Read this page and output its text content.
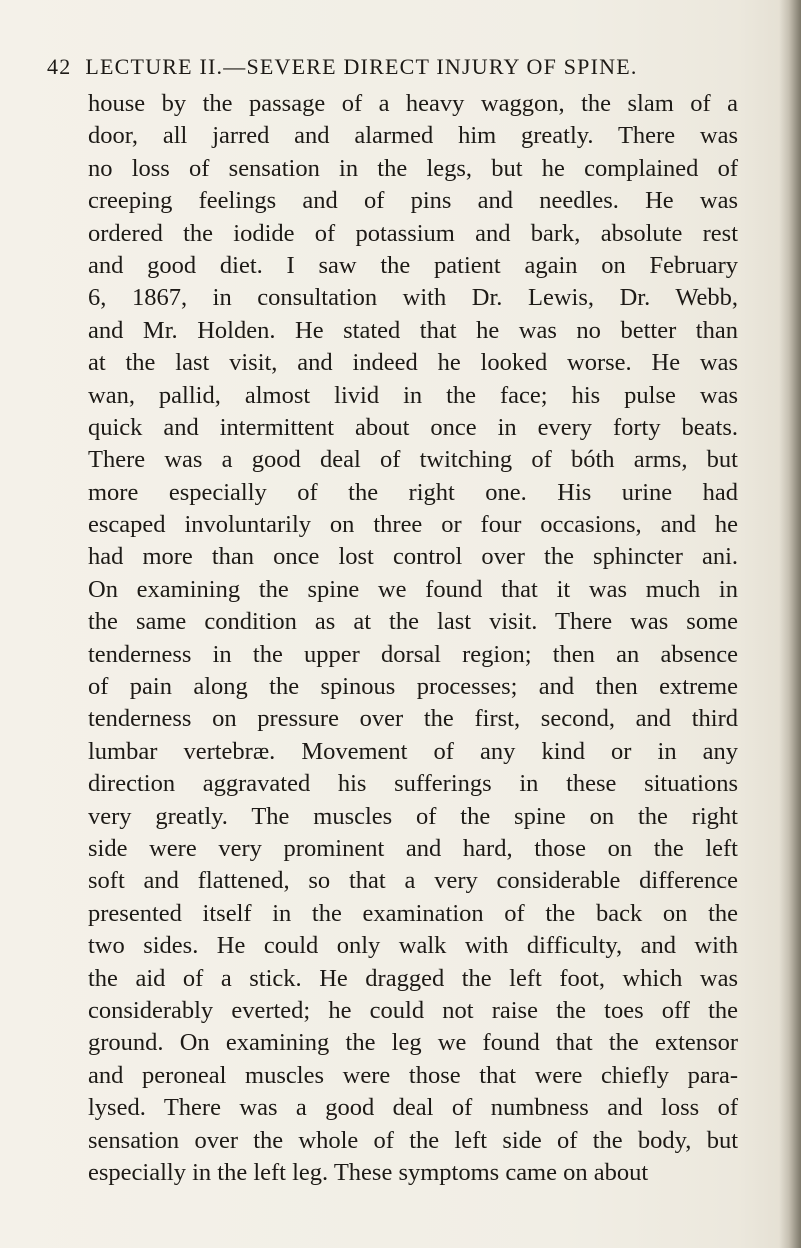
42 LECTURE II.—SEVERE DIRECT INJURY OF SPINE.
house by the passage of a heavy waggon, the slam of a
door, all jarred and alarmed him greatly. There was
no loss of sensation in the legs, but he complained of
creeping feelings and of pins and needles. He was
ordered the iodide of potassium and bark, absolute rest
and good diet. I saw the patient again on February
6, 1867, in consultation with Dr. Lewis, Dr. Webb,
and Mr. Holden. He stated that he was no better than
at the last visit, and indeed he looked worse. He was
wan, pallid, almost livid in the face; his pulse was
quick and intermittent about once in every forty beats.
There was a good deal of twitching of bóth arms, but
more especially of the right one. His urine had
escaped involuntarily on three or four occasions, and he
had more than once lost control over the sphincter ani.
On examining the spine we found that it was much in
the same condition as at the last visit. There was some
tenderness in the upper dorsal region; then an absence
of pain along the spinous processes; and then extreme
tenderness on pressure over the first, second, and third
lumbar vertebræ. Movement of any kind or in any
direction aggravated his sufferings in these situations
very greatly. The muscles of the spine on the right
side were very prominent and hard, those on the left
soft and flattened, so that a very considerable difference
presented itself in the examination of the back on the
two sides. He could only walk with difficulty, and with
the aid of a stick. He dragged the left foot, which was
considerably everted; he could not raise the toes off the
ground. On examining the leg we found that the extensor
and peroneal muscles were those that were chiefly para-
lysed. There was a good deal of numbness and loss of
sensation over the whole of the left side of the body, but
especially in the left leg. These symptoms came on about
